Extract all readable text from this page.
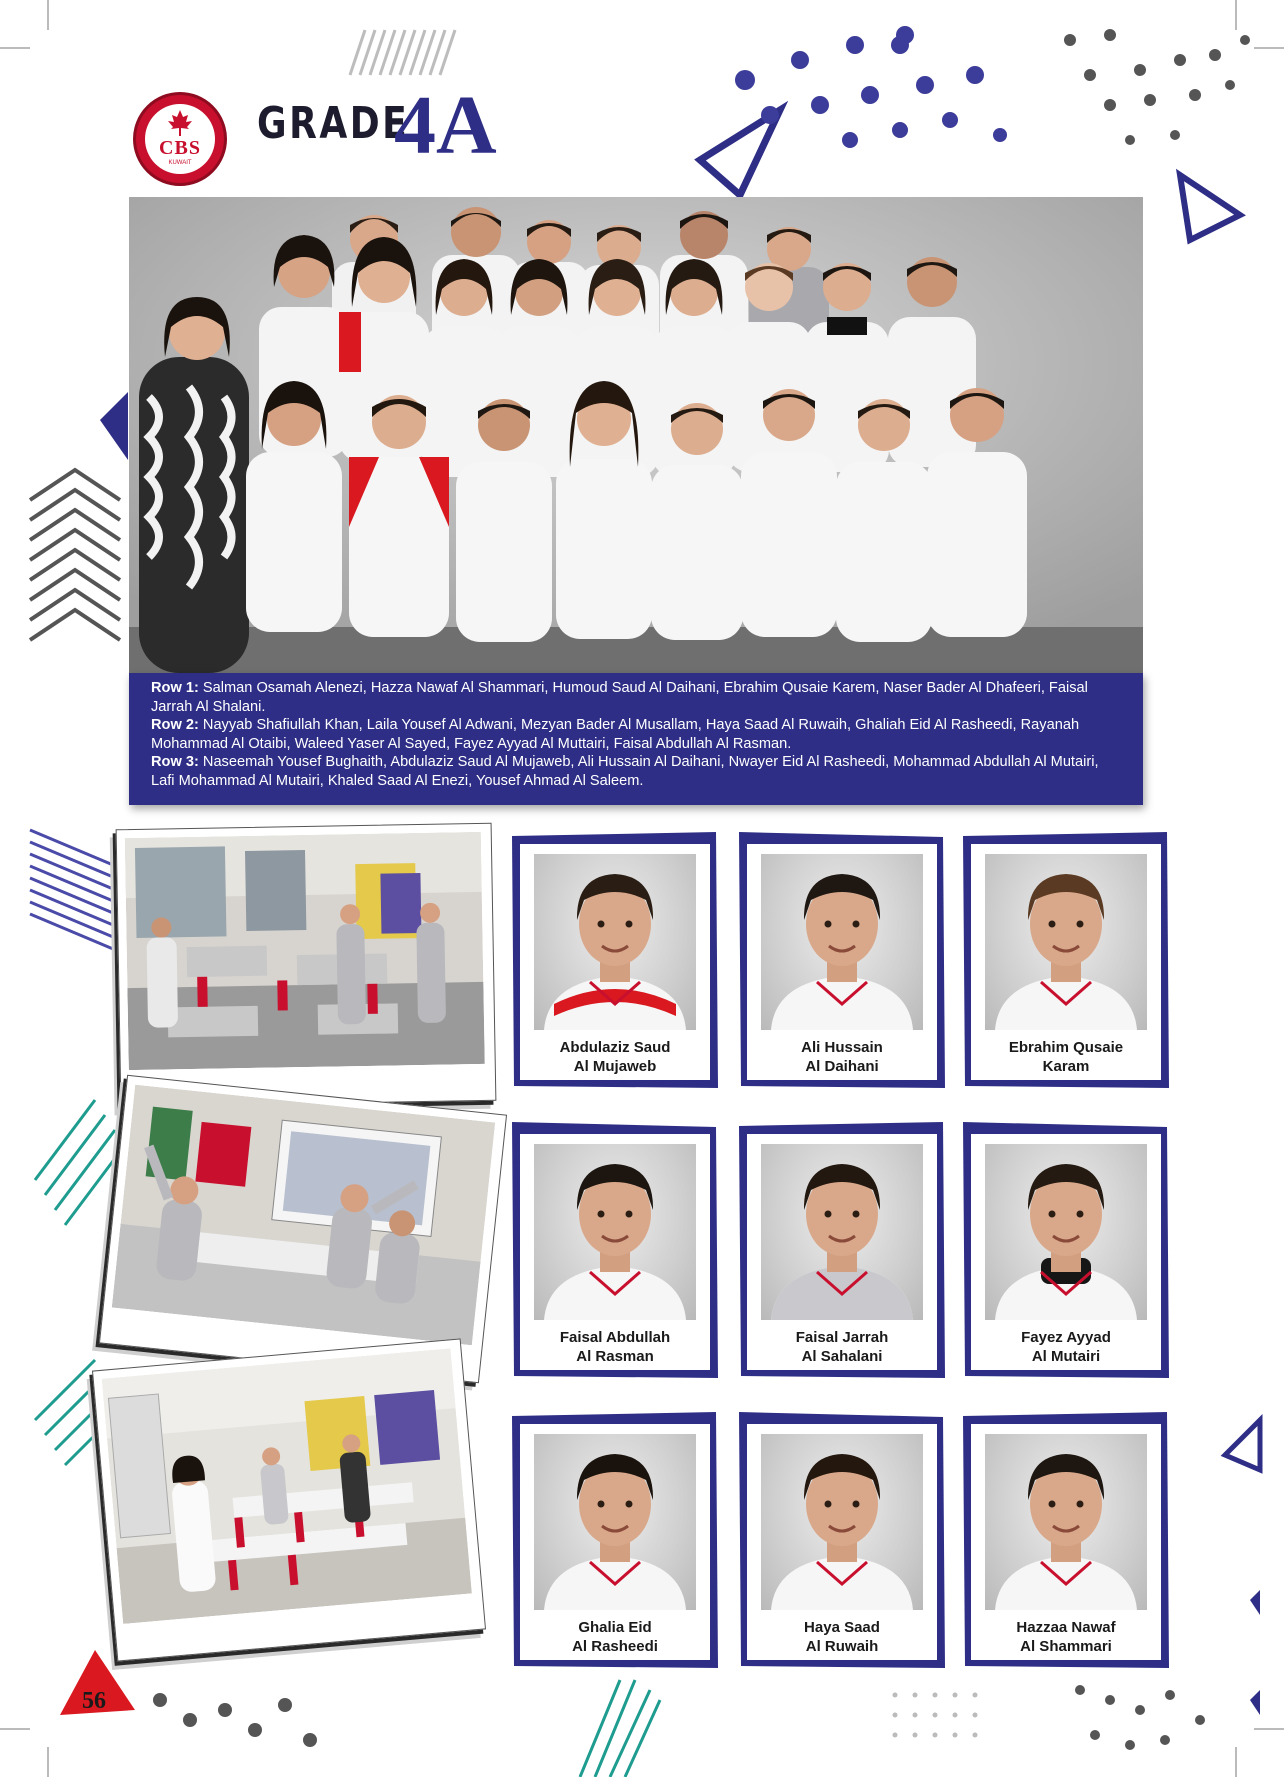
CBS
KUWAIT
GRADE
4A
Row 1: Salman Osamah Alenezi, Hazza Nawaf Al Shammari, Humoud Saud Al Daihani, Ebrahim Qusaie Karem, Naser Bader Al Dhafeeri, Faisal Jarrah Al Shalani.
Row 2: Nayyab Shafiullah Khan, Laila Yousef Al Adwani, Mezyan Bader Al Musallam, Haya Saad Al Ruwaih, Ghaliah Eid Al Rasheedi, Rayanah Mohammad Al Otaibi, Waleed Yaser Al Sayed, Fayez Ayyad Al Muttairi, Faisal Abdullah Al Rasman.
Row 3: Naseemah Yousef Bughaith, Abdulaziz Saud Al Mujaweb, Ali Hussain Al Daihani, Nwayer Eid Al Rasheedi, Mohammad Abdullah Al Mutairi, Lafi Mohammad Al Mutairi, Khaled Saad Al Enezi, Yousef Ahmad Al Saleem.
Abdulaziz Saud
Al Mujaweb
Ali Hussain
Al Daihani
Ebrahim Qusaie
Karam
Faisal Abdullah
Al Rasman
Faisal Jarrah
Al Sahalani
Fayez Ayyad
Al Mutairi
Ghalia Eid
Al Rasheedi
Haya Saad
Al Ruwaih
Hazzaa Nawaf
Al Shammari
56
